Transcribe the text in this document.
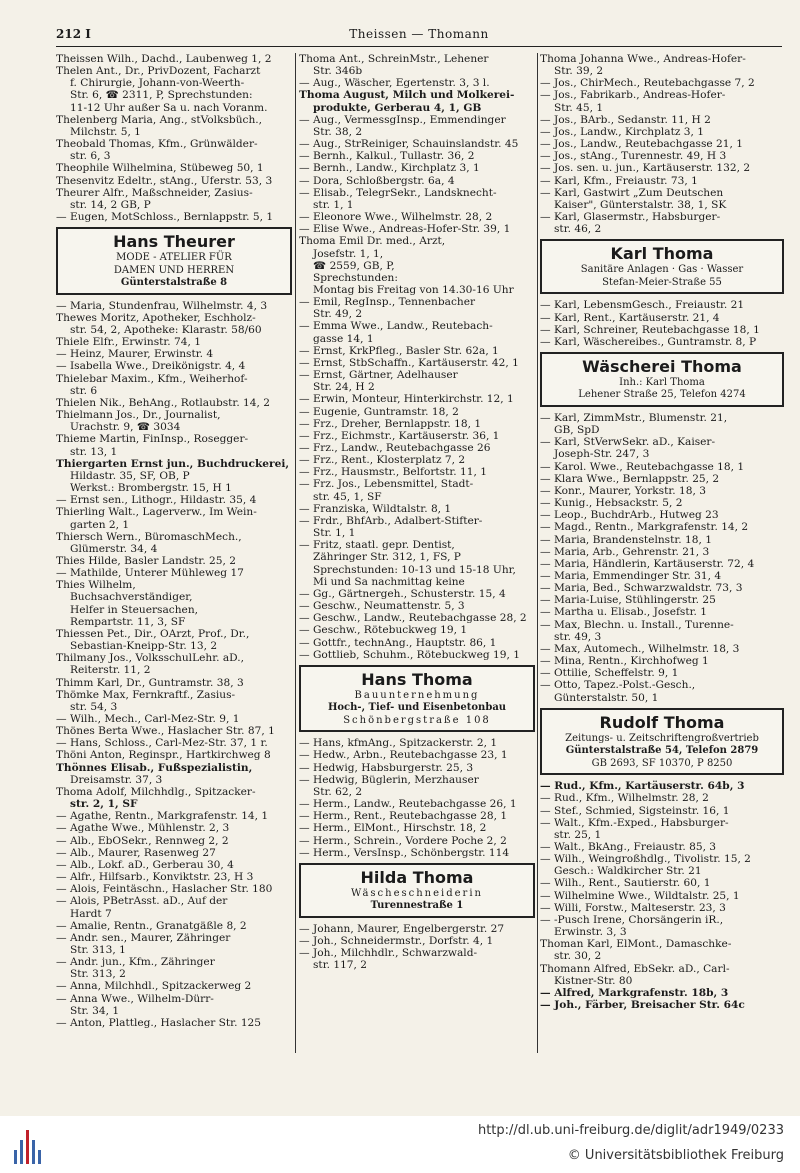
212 I	Theissen — Thomann
Theissen Wilh., Dachd., Laubenweg 1, 2
Thelen Ant., Dr., PrivDozent, Facharzt
f. Chirurgie, Johann-von-Weerth-
Str. 6, ☎ 2311, P, Sprechstunden:
11-12 Uhr außer Sa u. nach Voranm.
Thelenberg Maria, Ang., stVolksbüch.,
Milchstr. 5, 1
Theobald Thomas, Kfm., Grünwälder-
str. 6, 3
Theophile Wilhelmina, Stübeweg 50, 1
Thesenvitz Edeltr., stAng., Uferstr. 53, 3
Theurer Alfr., Maßschneider, Zasius-
str. 14, 2 GB, P
— Eugen, MotSchloss., Bernlappstr. 5, 1
Hans Theurer
MODE - ATELIER FÜR
DAMEN UND HERREN
Günterstalstraße 8
— Maria, Stundenfrau, Wilhelmstr. 4, 3
Thewes Moritz, Apotheker, Eschholz-
str. 54, 2, Apotheke: Klarastr. 58/60
Thiele Elfr., Erwinstr. 74, 1
— Heinz, Maurer, Erwinstr. 4
— Isabella Wwe., Dreikönigstr. 4, 4
Thielebar Maxim., Kfm., Weiherhof-
str. 6
Thielen Nik., BehAng., Rotlaubstr. 14, 2
Thielmann Jos., Dr., Journalist,
Urachstr. 9, ☎ 3034
Thieme Martin, FinInsp., Rosegger-
str. 13, 1
Thiergarten Ernst jun., Buchdruckerei,
Hildastr. 35, SF, OB, P
Werkst.: Brombergstr. 15, H 1
— Ernst sen., Lithogr., Hildastr. 35, 4
Thierling Walt., Lagerverw., Im Wein-
garten 2, 1
Thiersch Wern., BüromaschMech.,
Glümerstr. 34, 4
Thies Hilde, Basler Landstr. 25, 2
— Mathilde, Unterer Mühleweg 17
Thies Wilhelm,
Buchsachverständiger,
Helfer in Steuersachen,
Rempartstr. 11, 3, SF
Thiessen Pet., Dir., OArzt, Prof., Dr.,
Sebastian-Kneipp-Str. 13, 2
Thilmany Jos., VolksschulLehr. aD.,
Reiterstr. 11, 2
Thimm Karl, Dr., Guntramstr. 38, 3
Thömke Max, Fernkraftf., Zasius-
str. 54, 3
— Wilh., Mech., Carl-Mez-Str. 9, 1
Thönes Berta Wwe., Haslacher Str. 87, 1
— Hans, Schloss., Carl-Mez-Str. 37, 1 r.
Thöni Anton, Reginspr., Hartkirchweg 8
Thönnes Elisab., Fußspezialistin,
Dreisamstr. 37, 3
Thoma Adolf, Milchhdlg., Spitzacker-
str. 2, 1, SF
— Agathe, Rentn., Markgrafenstr. 14, 1
— Agathe Wwe., Mühlenstr. 2, 3
— Alb., EbOSekr., Rennweg 2, 2
— Alb., Maurer, Rasenweg 27
— Alb., Lokf. aD., Gerberau 30, 4
— Alfr., Hilfsarb., Konviktstr. 23, H 3
— Alois, Feintäschn., Haslacher Str. 180
— Alois, PBetrAsst. aD., Auf der
Hardt 7
— Amalie, Rentn., Granatgäßle 8, 2
— Andr. sen., Maurer, Zähringer
Str. 313, 1
— Andr. jun., Kfm., Zähringer
Str. 313, 2
— Anna, Milchhdl., Spitzackerweg 2
— Anna Wwe., Wilhelm-Dürr-
Str. 34, 1
— Anton, Plattleg., Haslacher Str. 125
Thoma Ant., SchreinMstr., Lehener
Str. 346b
— Aug., Wäscher, Egertenstr. 3, 3 l.
Thoma August, Milch und Molkerei-
produkte, Gerberau 4, 1, GB
— Aug., VermessgInsp., Emmendinger
Str. 38, 2
— Aug., StrReiniger, Schauinslandstr. 45
— Bernh., Kalkul., Tullastr. 36, 2
— Bernh., Landw., Kirchplatz 3, 1
— Dora, Schloßbergstr. 6a, 4
— Elisab., TelegrSekr., Landsknecht-
str. 1, 1
— Eleonore Wwe., Wilhelmstr. 28, 2
— Elise Wwe., Andreas-Hofer-Str. 39, 1
Thoma Emil Dr. med., Arzt,
Josefstr. 1, 1,
☎ 2559, GB, P,
Sprechstunden:
Montag bis Freitag von 14.30-16 Uhr
— Emil, RegInsp., Tennenbacher
Str. 49, 2
— Emma Wwe., Landw., Reutebach-
gasse 14, 1
— Ernst, KrkPfleg., Basler Str. 62a, 1
— Ernst, StbSchaffn., Kartäuserstr. 42, 1
— Ernst, Gärtner, Adelhauser
Str. 24, H 2
— Erwin, Monteur, Hinterkirchstr. 12, 1
— Eugenie, Guntramstr. 18, 2
— Frz., Dreher, Bernlappstr. 18, 1
— Frz., Eichmstr., Kartäuserstr. 36, 1
— Frz., Landw., Reutebachgasse 26
— Frz., Rent., Klosterplatz 7, 2
— Frz., Hausmstr., Belfortstr. 11, 1
— Frz. Jos., Lebensmittel, Stadt-
str. 45, 1, SF
— Franziska, Wildtalstr. 8, 1
— Frdr., BhfArb., Adalbert-Stifter-
Str. 1, 1
— Fritz, staatl. gepr. Dentist,
Zähringer Str. 312, 1, FS, P
Sprechstunden: 10-13 und 15-18 Uhr,
Mi und Sa nachmittag keine
— Gg., Gärtnergeh., Schusterstr. 15, 4
— Geschw., Neumattenstr. 5, 3
— Geschw., Landw., Reutebachgasse 28, 2
— Geschw., Rötebuckweg 19, 1
— Gottfr., technAng., Hauptstr. 86, 1
— Gottlieb, Schuhm., Rötebuckweg 19, 1
Hans Thoma
Bauunternehmung
Hoch-, Tief- und Eisenbetonbau
Schönbergstraße 108
— Hans, kfmAng., Spitzackerstr. 2, 1
— Hedw., Arbn., Reutebachgasse 23, 1
— Hedwig, Habsburgerstr. 25, 3
— Hedwig, Büglerin, Merzhauser
Str. 62, 2
— Herm., Landw., Reutebachgasse 26, 1
— Herm., Rent., Reutebachgasse 28, 1
— Herm., ElMont., Hirschstr. 18, 2
— Herm., Schrein., Vordere Poche 2, 2
— Herm., VersInsp., Schönbergstr. 114
Hilda Thoma
Wäscheschneiderin
Turennestraße 1
— Johann, Maurer, Engelbergerstr. 27
— Joh., Schneidermstr., Dorfstr. 4, 1
— Joh., Milchhdlr., Schwarzwald-
str. 117, 2
Thoma Johanna Wwe., Andreas-Hofer-
Str. 39, 2
— Jos., ChirMech., Reutebachgasse 7, 2
— Jos., Fabrikarb., Andreas-Hofer-
Str. 45, 1
— Jos., BArb., Sedanstr. 11, H 2
— Jos., Landw., Kirchplatz 3, 1
— Jos., Landw., Reutebachgasse 21, 1
— Jos., stAng., Turennestr. 49, H 3
— Jos. sen. u. jun., Kartäuserstr. 132, 2
— Karl, Kfm., Freiaustr. 73, 1
— Karl, Gastwirt „Zum Deutschen
Kaiser", Günterstalstr. 38, 1, SK
— Karl, Glasermstr., Habsburger-
str. 46, 2
Karl Thoma
Sanitäre Anlagen · Gas · Wasser
Stefan-Meier-Straße 55
— Karl, LebensmGesch., Freiaustr. 21
— Karl, Rent., Kartäuserstr. 21, 4
— Karl, Schreiner, Reutebachgasse 18, 1
— Karl, Wäschereibes., Guntramstr. 8, P
Wäscherei Thoma
Inh.: Karl Thoma
Lehener Straße 25, Telefon 4274
— Karl, ZimmMstr., Blumenstr. 21,
GB, SpD
— Karl, StVerwSekr. aD., Kaiser-
Joseph-Str. 247, 3
— Karol. Wwe., Reutebachgasse 18, 1
— Klara Wwe., Bernlappstr. 25, 2
— Konr., Maurer, Yorkstr. 18, 3
— Kunig., Hebsackstr. 5, 2
— Leop., BuchdrArb., Hutweg 23
— Magd., Rentn., Markgrafenstr. 14, 2
— Maria, Brandenstelnstr. 18, 1
— Maria, Arb., Gehrenstr. 21, 3
— Maria, Händlerin, Kartäuserstr. 72, 4
— Maria, Emmendinger Str. 31, 4
— Maria, Bed., Schwarzwaldstr. 73, 3
— Maria-Luise, Stühlingerstr. 25
— Martha u. Elisab., Josefstr. 1
— Max, Blechn. u. Install., Turenne-
str. 49, 3
— Max, Automech., Wilhelmstr. 18, 3
— Mina, Rentn., Kirchhofweg 1
— Ottilie, Scheffelstr. 9, 1
— Otto, Tapez.-Polst.-Gesch.,
Günterstalstr. 50, 1
Rudolf Thoma
Zeitungs- u. Zeitschriftengroßvertrieb
Günterstalstraße 54, Telefon 2879
GB 2693, SF 10370, P 8250
— Rud., Kfm., Kartäuserstr. 64b, 3
— Rud., Kfm., Wilhelmstr. 28, 2
— Stef., Schmied, Sigsteinstr. 16, 1
— Walt., Kfm.-Exped., Habsburger-
str. 25, 1
— Walt., BkAng., Freiaustr. 85, 3
— Wilh., Weingroßhdlg., Tivolistr. 15, 2
Gesch.: Waldkircher Str. 21
— Wilh., Rent., Sautierstr. 60, 1
— Wilhelmine Wwe., Wildtalstr. 25, 1
— Willi, Forstw., Malteserstr. 23, 3
— -Pusch Irene, Chorsängerin iR.,
Erwinstr. 3, 3
Thoman Karl, ElMont., Damaschke-
str. 30, 2
Thomann Alfred, EbSekr. aD., Carl-
Kistner-Str. 80
— Alfred, Markgrafenstr. 18b, 3
— Joh., Färber, Breisacher Str. 64c
http://dl.ub.uni-freiburg.de/diglit/adr1949/0233
© Universitätsbibliothek Freiburg
